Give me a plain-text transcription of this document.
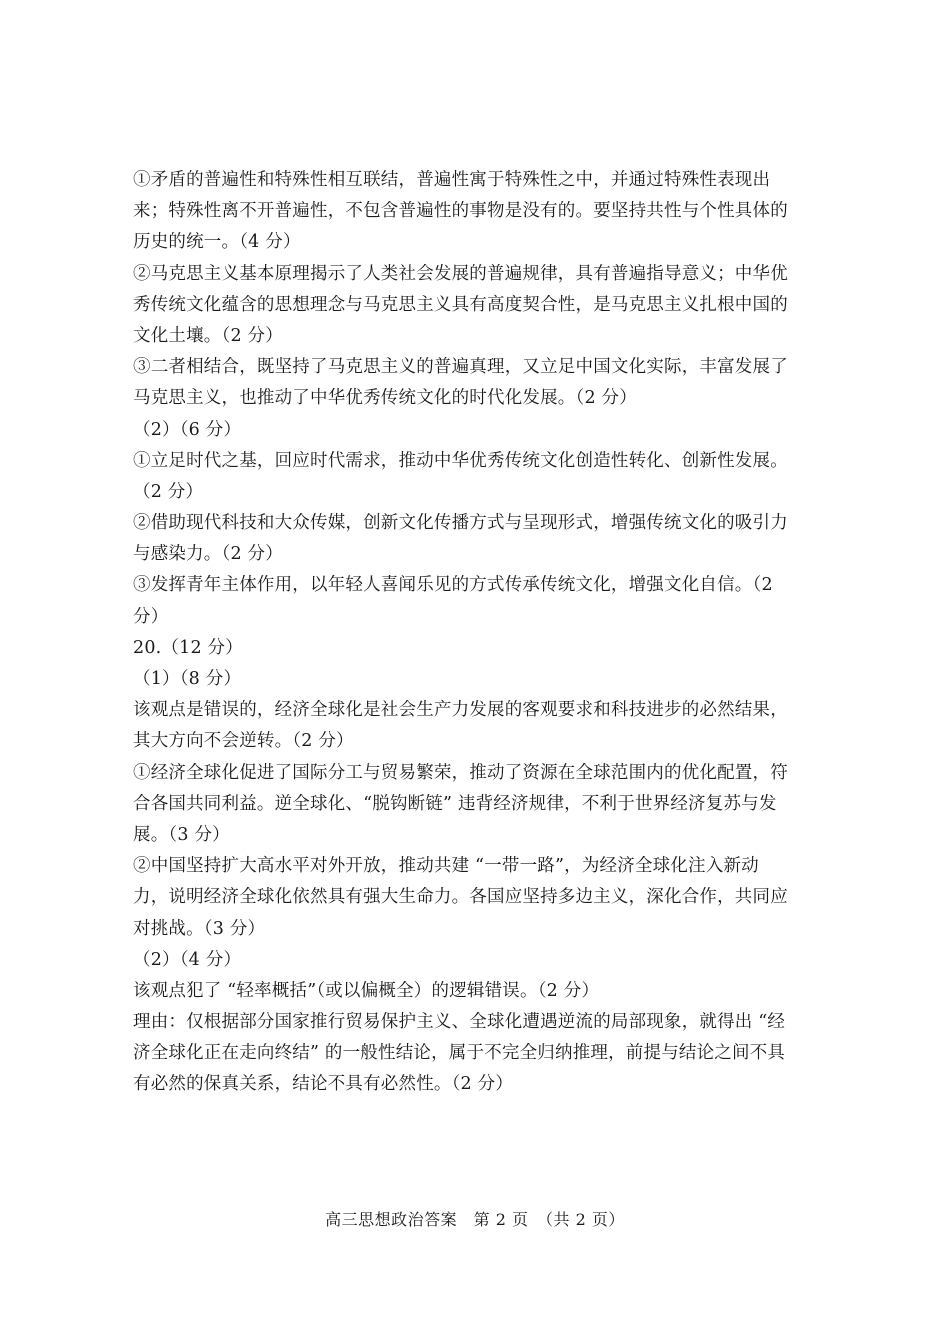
①矛盾的普遍性和特殊性相互联结，普遍性寓于特殊性之中，并通过特殊性表现出
来；特殊性离不开普遍性，不包含普遍性的事物是没有的。要坚持共性与个性具体的
历史的统一。（4 分）
②马克思主义基本原理揭示了人类社会发展的普遍规律，具有普遍指导意义；中华优
秀传统文化蕴含的思想理念与马克思主义具有高度契合性，是马克思主义扎根中国的
文化土壤。（2 分）
③二者相结合，既坚持了马克思主义的普遍真理，又立足中国文化实际，丰富发展了
马克思主义，也推动了中华优秀传统文化的时代化发展。（2 分）
（2）（6 分）
①立足时代之基，回应时代需求，推动中华优秀传统文化创造性转化、创新性发展。
（2 分）
②借助现代科技和大众传媒，创新文化传播方式与呈现形式，增强传统文化的吸引力
与感染力。（2 分）
③发挥青年主体作用，以年轻人喜闻乐见的方式传承传统文化，增强文化自信。（2
分）
20.（12 分）
（1）（8 分）
该观点是错误的，经济全球化是社会生产力发展的客观要求和科技进步的必然结果，
其大方向不会逆转。（2 分）
①经济全球化促进了国际分工与贸易繁荣，推动了资源在全球范围内的优化配置，符
合各国共同利益。逆全球化、“脱钩断链” 违背经济规律，不利于世界经济复苏与发
展。（3 分）
②中国坚持扩大高水平对外开放，推动共建 “一带一路”，为经济全球化注入新动
力，说明经济全球化依然具有强大生命力。各国应坚持多边主义，深化合作，共同应
对挑战。（3 分）
（2）（4 分）
该观点犯了 “轻率概括”（或以偏概全）的逻辑错误。（2 分）
理由：仅根据部分国家推行贸易保护主义、全球化遭遇逆流的局部现象，就得出 “经
济全球化正在走向终结” 的一般性结论，属于不完全归纳推理，前提与结论之间不具
有必然的保真关系，结论不具有必然性。（2 分）
高三思想政治答案　第 2 页　（共 2 页）
